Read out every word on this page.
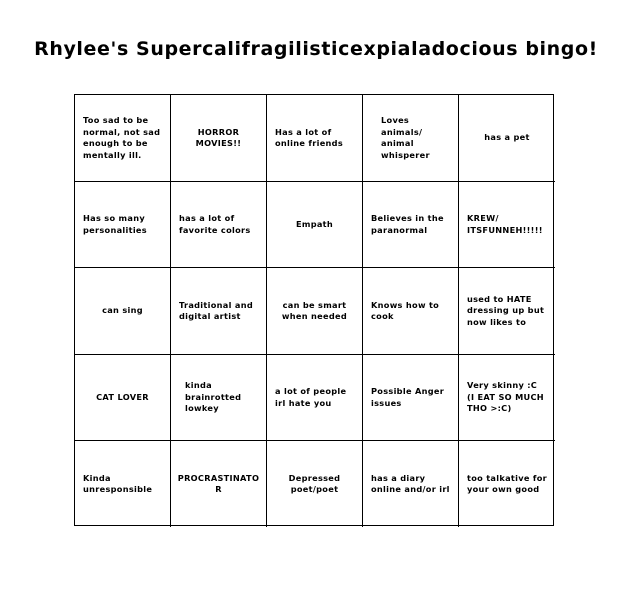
Rhylee's Supercalifragilisticexpialadocious bingo!
Too sad to be normal, not sad enough to be mentally ill.
HORROR MOVIES!!
Has a lot of online friends
Loves animals/ animal whisperer
has a pet
Has so many personalities
has a lot of favorite colors
Empath
Believes in the paranormal
KREW/ ITSFUNNEH!!!!!
can sing
Traditional and digital artist
can be smart when needed
Knows how to cook
used to HATE dressing up but now likes to
CAT LOVER
kinda brainrotted lowkey
a lot of people irl hate you
Possible Anger issues
Very skinny :C (I EAT SO MUCH THO >:C)
Kinda unresponsible
PROCRASTINATOR
Depressed poet/poet
has a diary online and/or irl
too talkative for your own good
